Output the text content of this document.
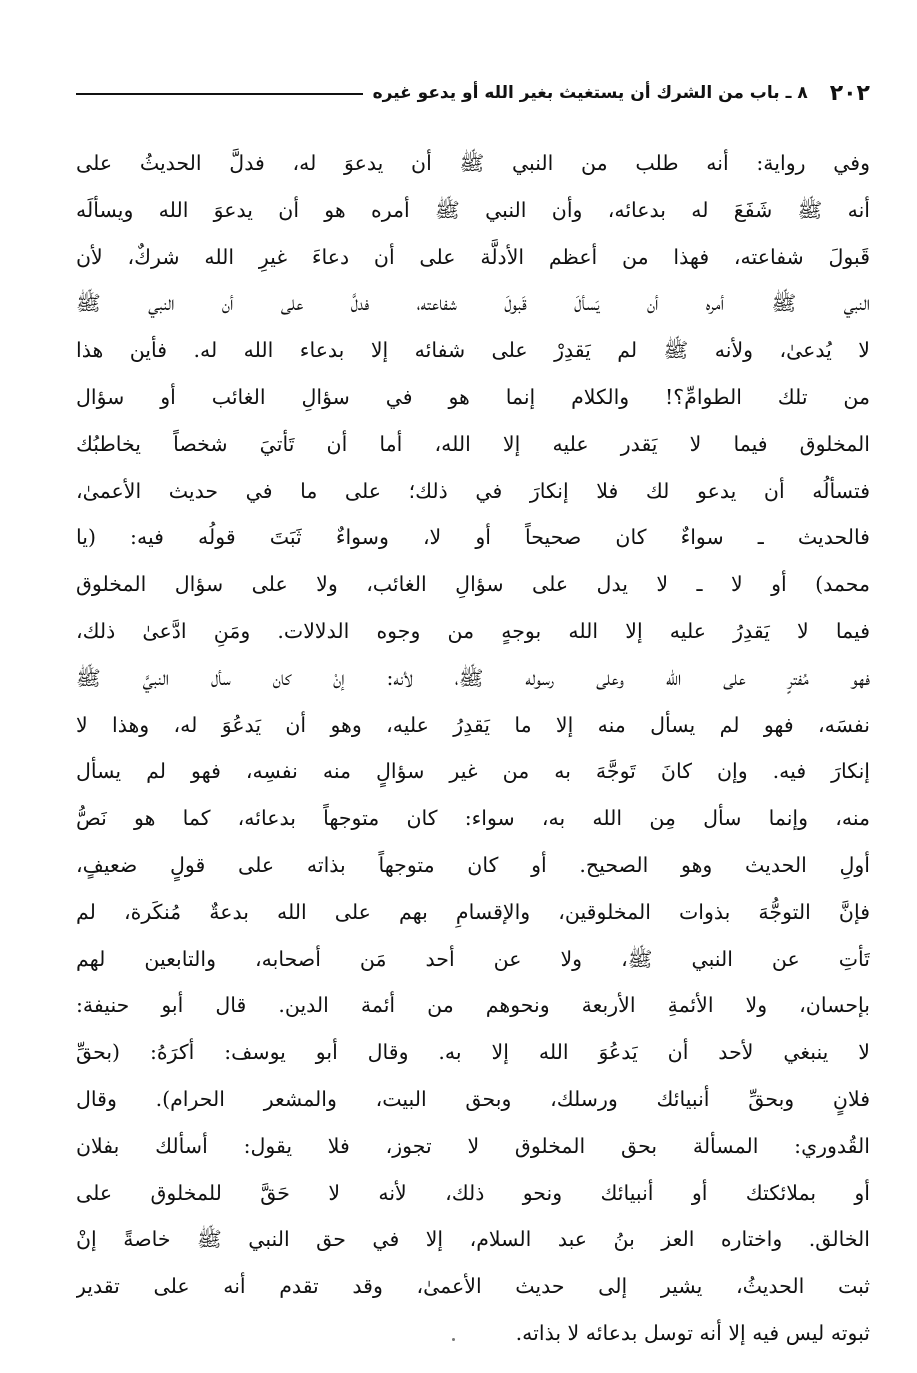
٢٠٢
٨ ـ باب من الشرك أن يستغيث بغير الله أو يدعو غيره
وفي رواية: أنه طلب من النبي ﷺ أن يدعوَ له، فدلَّ الحديثُ على
أنه ﷺ شَفَعَ له بدعائه، وأن النبي ﷺ أمره هو أن يدعوَ الله ويسألَه
قَبولَ شفاعته، فهذا من أعظم الأدلَّة على أن دعاءَ غيرِ الله شركٌ، لأن
النبي ﷺ أمره أن يَسألَ قَبولَ شفاعته، فدلَّ على أن النبي ﷺ
لا يُدعىٰ، ولأنه ﷺ لم يَقدِرْ على شفائه إلا بدعاء الله له. فأين هذا
من تلك الطوامِّ؟! والكلام إنما هو في سؤالِ الغائب أو سؤال
المخلوق فيما لا يَقدر عليه إلا الله، أما أن تَأتيَ شخصاً يخاطبُك
فتسألُه أن يدعو لك فلا إنكارَ في ذلك؛ على ما في حديث الأعمىٰ،
فالحديث ـ سواءٌ كان صحيحاً أو لا، وسواءٌ ثَبَتَ قولُه فيه: (يا
محمد) أو لا ـ لا يدل على سؤالِ الغائب، ولا على سؤال المخلوق
فيما لا يَقدِرُ عليه إلا الله بوجهٍ من وجوه الدلالات. ومَنِ ادَّعىٰ ذلك،
فهو مُفترٍ على الله وعلى رسوله ﷺ، لأنه: إنْ كان سأل النبيَّ ﷺ
نفسَه، فهو لم يسأل منه إلا ما يَقدِرُ عليه، وهو أن يَدعُوَ له، وهذا لا
إنكارَ فيه. وإن كانَ تَوجَّهَ به من غير سؤالٍ منه نفسِه، فهو لم يسأل
منه، وإنما سأل مِن الله به، سواء: كان متوجهاً بدعائه، كما هو نَصُّ
أولِ الحديث وهو الصحيح. أو كان متوجهاً بذاته على قولٍ ضعيفٍ،
فإنَّ التوجُّهَ بذوات المخلوقين، والإقسامِ بهم على الله بدعةٌ مُنكَرة، لم
تَأتِ عن النبي ﷺ، ولا عن أحد مَن أصحابه، والتابعين لهم
بإحسان، ولا الأئمةِ الأربعة ونحوهم من أئمة الدين. قال أبو حنيفة:
لا ينبغي لأحد أن يَدعُوَ الله إلا به. وقال أبو يوسف: أكرَهُ: (بحقِّ
فلانٍ وبحقِّ أنبيائك ورسلك، وبحق البيت، والمشعر الحرام). وقال
القُدوري: المسألة بحق المخلوق لا تجوز، فلا يقول: أسألك بفلان
أو بملائكتك أو أنبيائك ونحو ذلك، لأنه لا حَقَّ للمخلوق على
الخالق. واختاره العز بنُ عبد السلام، إلا في حق النبي ﷺ خاصةً إنْ
ثبت الحديثُ، يشير إلى حديث الأعمىٰ، وقد تقدم أنه على تقدير
ثبوته ليس فيه إلا أنه توسل بدعائه لا بذاته.
